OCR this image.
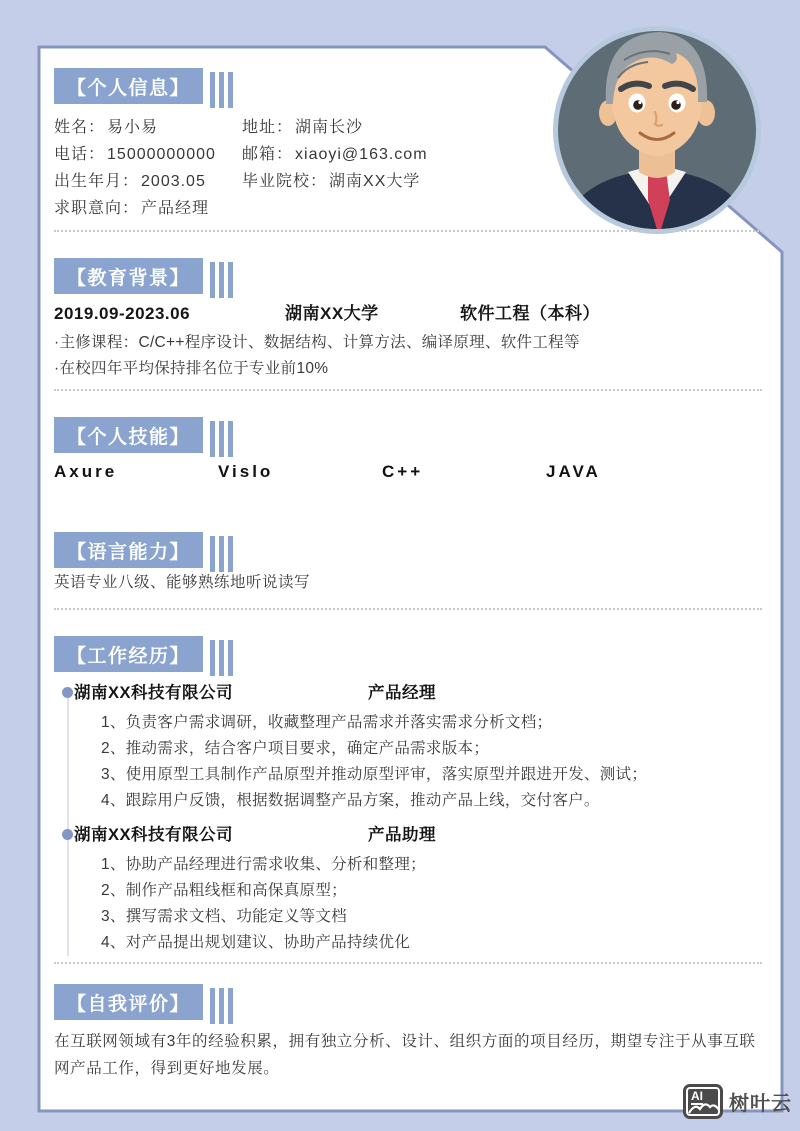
【个人信息】
姓名： 易小易
电话： 15000000000
出生年月： 2003.05
求职意向： 产品经理
地址： 湖南长沙
邮箱： xiaoyi@163.com
毕业院校： 湖南XX大学
【教育背景】
2019.09-2023.06	湖南XX大学	软件工程（本科）
·主修课程：C/C++程序设计、数据结构、计算方法、编译原理、软件工程等
·在校四年平均保持排名位于专业前10%
【个人技能】
Axure	Vislo	C++	JAVA
【语言能力】
英语专业八级、能够熟练地听说读写
【工作经历】
湖南XX科技有限公司	产品经理
1、负责客户需求调研，收藏整理产品需求并落实需求分析文档；
2、推动需求，结合客户项目要求，确定产品需求版本；
3、使用原型工具制作产品原型并推动原型评审，落实原型并跟进开发、测试；
4、跟踪用户反馈，根据数据调整产品方案，推动产品上线，交付客户。
湖南XX科技有限公司	产品助理
1、协助产品经理进行需求收集、分析和整理；
2、制作产品粗线框和高保真原型；
3、撰写需求文档、功能定义等文档
4、对产品提出规划建议、协助产品持续优化
【自我评价】
在互联网领域有3年的经验积累，拥有独立分析、设计、组织方面的项目经历，期望专注于从事互联网产品工作，得到更好地发展。
AI 树叶云
